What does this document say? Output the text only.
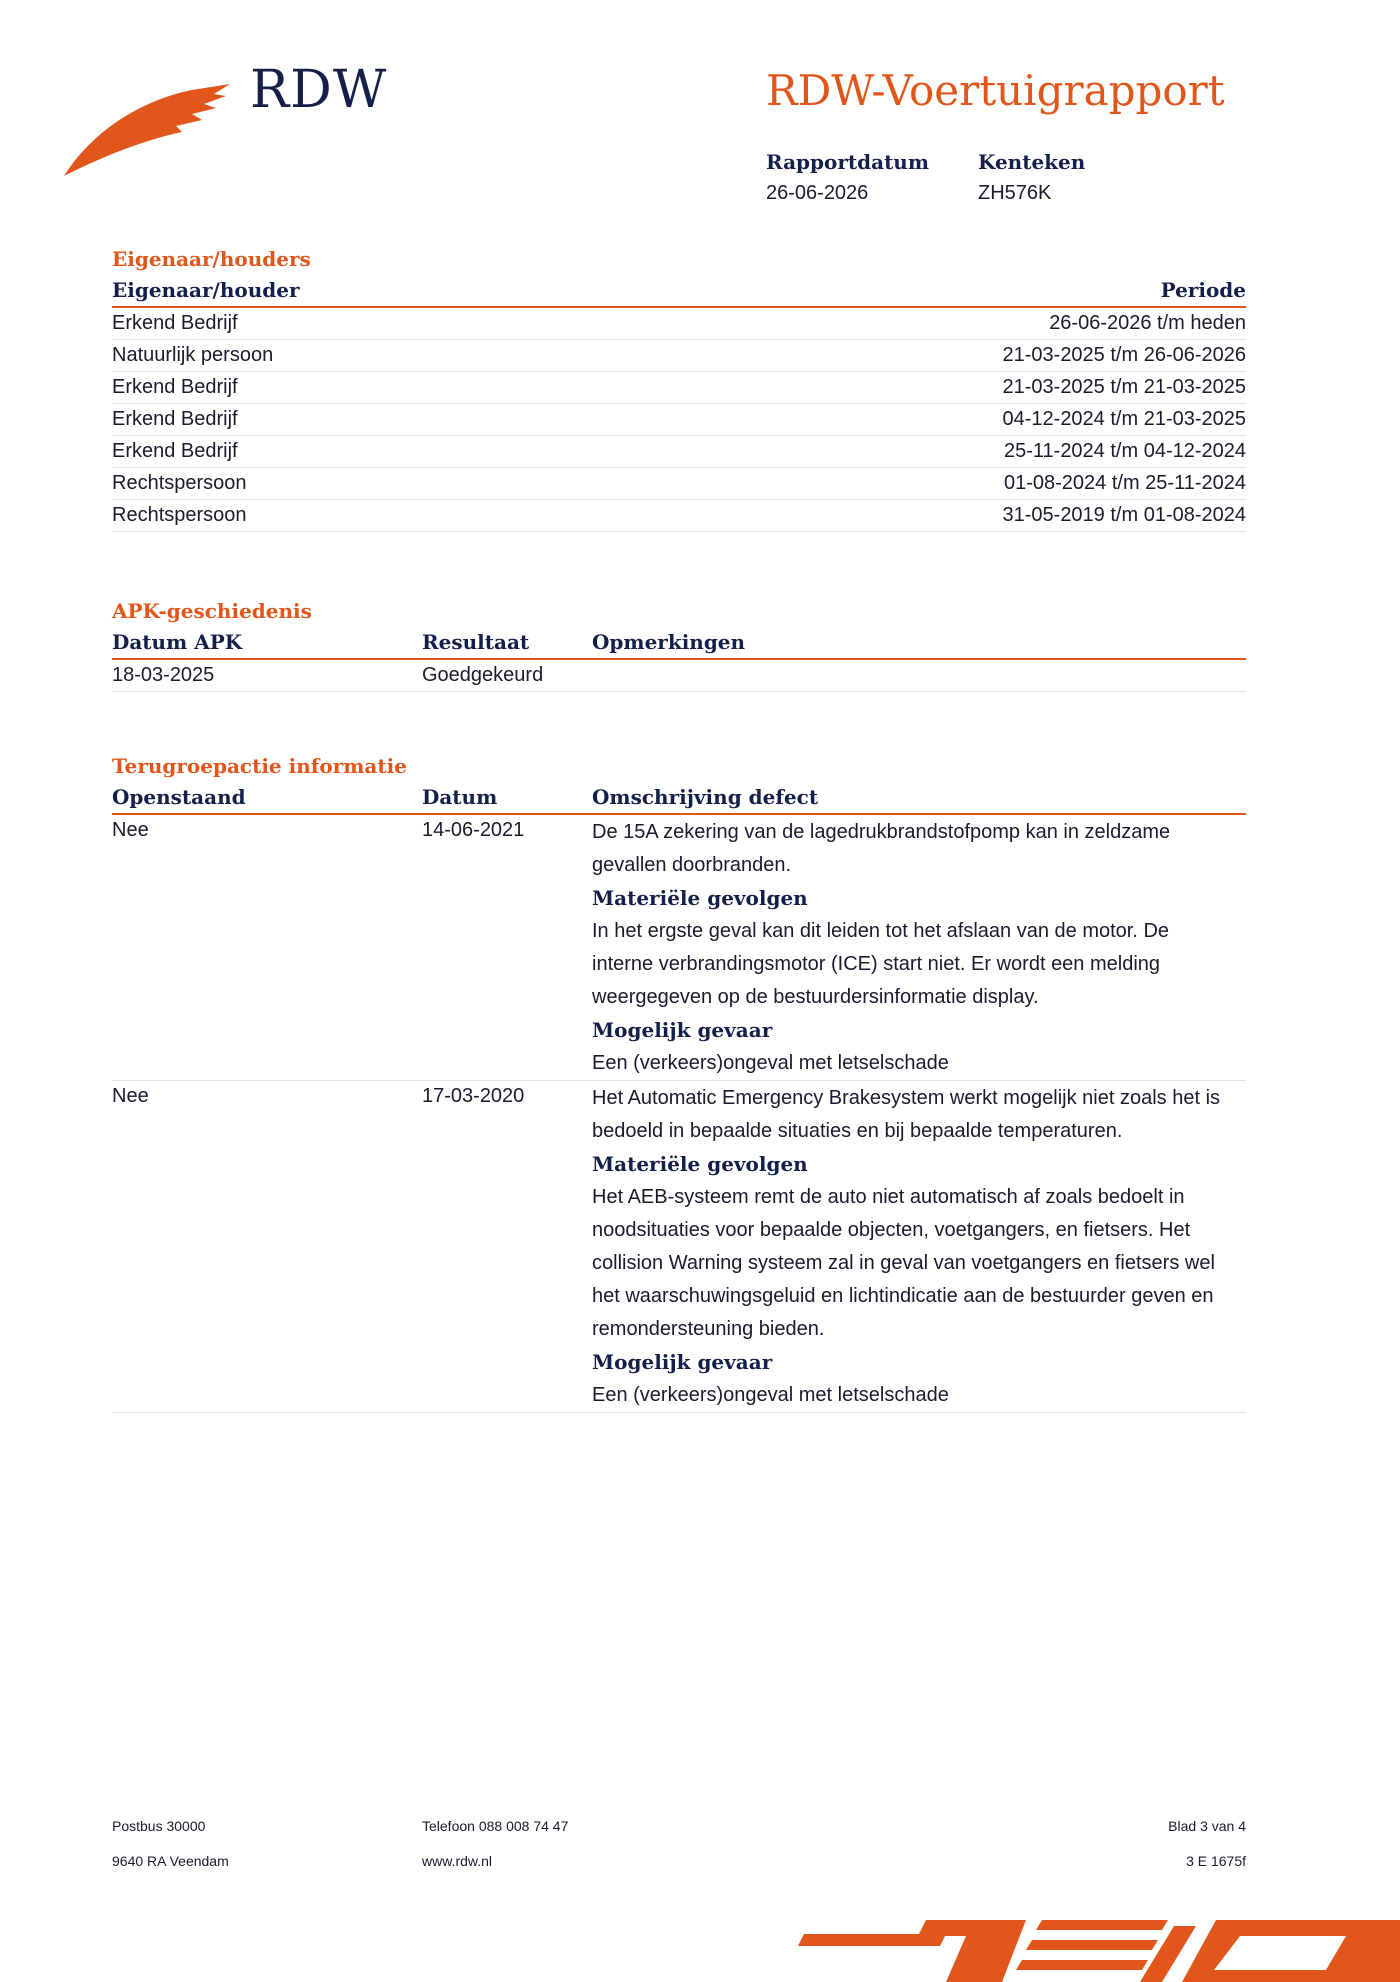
RDW	RDW-Voertuigrapport
Rapportdatum
26-06-2026
Kenteken
ZH576K
Eigenaar/houders
Eigenaar/houder	Periode
Erkend Bedrijf	26-06-2026 t/m heden
Natuurlijk persoon	21-03-2025 t/m 26-06-2026
Erkend Bedrijf	21-03-2025 t/m 21-03-2025
Erkend Bedrijf	04-12-2024 t/m 21-03-2025
Erkend Bedrijf	25-11-2024 t/m 04-12-2024
Rechtspersoon	01-08-2024 t/m 25-11-2024
Rechtspersoon	31-05-2019 t/m 01-08-2024
APK-geschiedenis
Datum APK	Resultaat	Opmerkingen
18-03-2025	Goedgekeurd
Terugroepactie informatie
Openstaand	Datum	Omschrijving defect
Nee	14-06-2021	De 15A zekering van de lagedrukbrandstofpomp kan in zeldzame gevallen doorbranden.

Materiële gevolgen

In het ergste geval kan dit leiden tot het afslaan van de motor. De interne verbrandingsmotor (ICE) start niet. Er wordt een melding weergegeven op de bestuurdersinformatie display.

Mogelijk gevaar

Een (verkeers)ongeval met letselschade

Nee	17-03-2020	Het Automatic Emergency Brakesystem werkt mogelijk niet zoals het is bedoeld in bepaalde situaties en bij bepaalde temperaturen.

Materiële gevolgen

Het AEB-systeem remt de auto niet automatisch af zoals bedoelt in noodsituaties voor bepaalde objecten, voetgangers, en fietsers. Het collision Warning systeem zal in geval van voetgangers en fietsers wel het waarschuwingsgeluid en lichtindicatie aan de bestuurder geven en remondersteuning bieden.

Mogelijk gevaar

Een (verkeers)ongeval met letselschade

Postbus 30000
9640 RA Veendam
Telefoon 088 008 74 47
www.rdw.nl
Blad 3 van 4
3 E 1675f
